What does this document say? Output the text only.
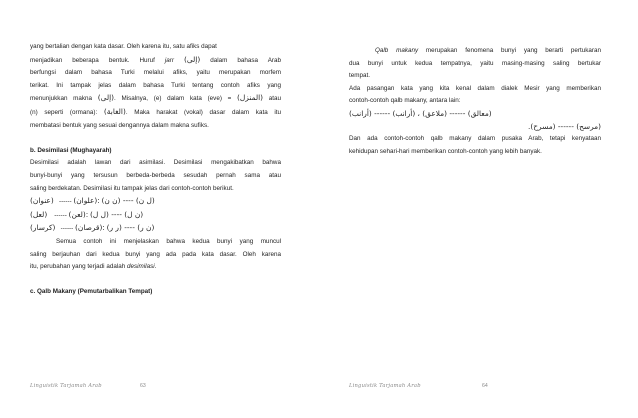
yang bertalian dengan kata dasar. Oleh karena itu, satu afiks dapat
menjadikan beberapa bentuk. Huruf jarr (إلى) dalam bahasa Arab
berfungsi dalam bahasa Turki melalui afiks, yaitu merupakan morfem
terikat. Ini tampak jelas dalam bahasa Turki tentang contoh afiks yang
menunjukkan makna (إلى). Misalnya, (e) dalam kata (eve) = (المنزل) atau
(n) seperti (ormana): (الغابة). Maka harakat (vokal) dasar dalam kata itu
membatasi bentuk yang sesuai dengannya dalam makna sufiks.
b. Desimilasi (Mughayarah)
Desimilasi adalah lawan dari asimilasi. Desimilasi mengakibatkan bahwa
bunyi-bunyi yang tersusun berbeda-berbeda sesudah pernah sama atau
saling berdekatan. Desimilasi itu tampak jelas dari contoh-contoh berikut.
(عنوان) ------ (علوان): (ن ن) ---- (ل ن)
(لعل) ------ (لعن): (ل ل) ---- (ن ل)
(كرسار) ------ (قرصان): (ر ر) ---- (ن ر)
Semua contoh ini menjelaskan bahwa kedua bunyi yang muncul
saling berjauhan dari kedua bunyi yang ada pada kata dasar. Oleh karena
itu, perubahan yang terjadi adalah desimilasi.
c. Qalb Makany (Pemutarbalikan Tempat)
Linguistik Tarjamah Arab	63
Qalb makany merupakan fenomena bunyi yang berarti pertukaran
dua bunyi untuk kedua tempatnya, yaitu masing-masing saling bertukar
tempat.
Ada pasangan kata yang kita kenal dalam dialek Mesir yang memberikan
contoh-contoh qalb makany, antara lain:
(معالق) ------ (ملاعق) ، (أرانب) ------ (أرانب)
(مرسح) ------ (مسرح).
Dan ada contoh-contoh qalb makany dalam pusaka Arab, tetapi kenyataan
kehidupan sehari-hari memberikan contoh-contoh yang lebih banyak.
Linguistik Tarjamah Arab	64
